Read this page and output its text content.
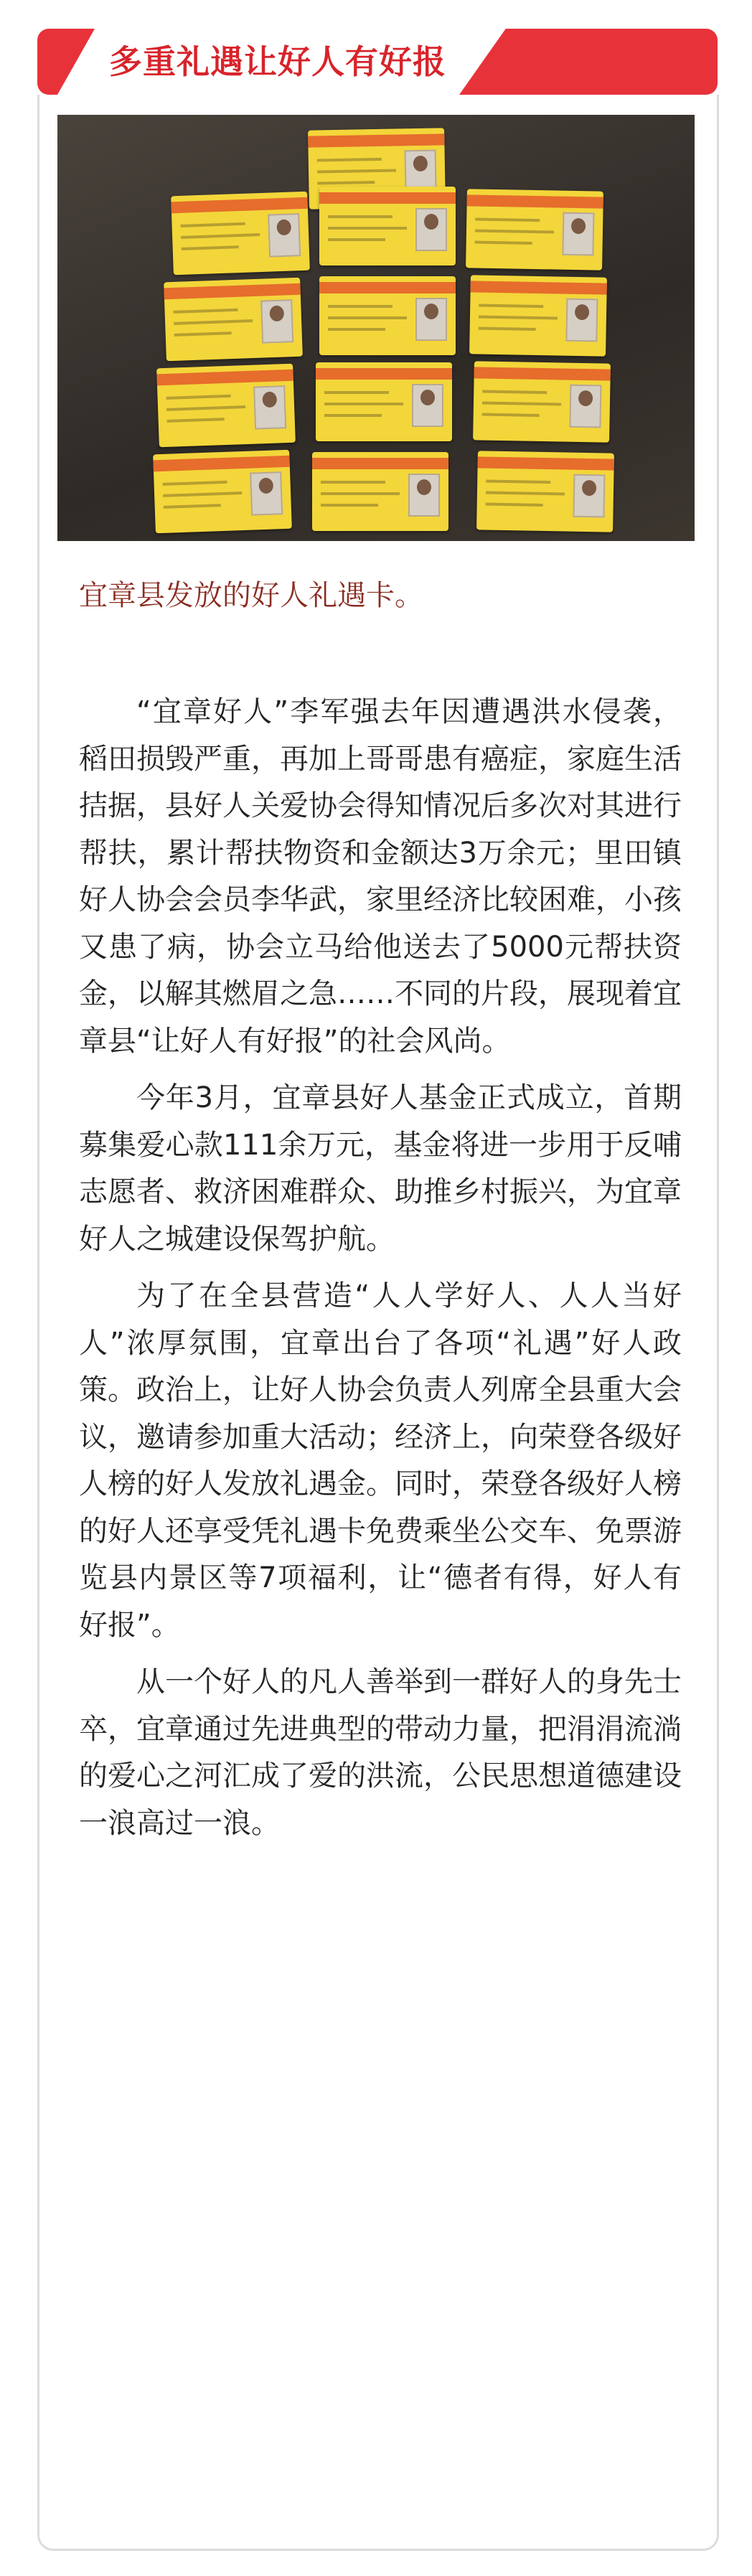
多重礼遇让好人有好报
宜章县发放的好人礼遇卡。

“宜章好人”李军强去年因遭遇洪水侵袭，稻田损毁严重，再加上哥哥患有癌症，家庭生活拮据，县好人关爱协会得知情况后多次对其进行帮扶，累计帮扶物资和金额达3万余元；里田镇好人协会会员李华武，家里经济比较困难，小孩又患了病，协会立马给他送去了5000元帮扶资金，以解其燃眉之急……不同的片段，展现着宜章县“让好人有好报”的社会风尚。

今年3月，宜章县好人基金正式成立，首期募集爱心款111余万元，基金将进一步用于反哺志愿者、救济困难群众、助推乡村振兴，为宜章好人之城建设保驾护航。

为了在全县营造“人人学好人、人人当好人”浓厚氛围，宜章出台了各项“礼遇”好人政策。政治上，让好人协会负责人列席全县重大会议，邀请参加重大活动；经济上，向荣登各级好人榜的好人发放礼遇金。同时，荣登各级好人榜的好人还享受凭礼遇卡免费乘坐公交车、免票游览县内景区等7项福利，让“德者有得，好人有好报”。

从一个好人的凡人善举到一群好人的身先士卒，宜章通过先进典型的带动力量，把涓涓流淌的爱心之河汇成了爱的洪流，公民思想道德建设一浪高过一浪。
